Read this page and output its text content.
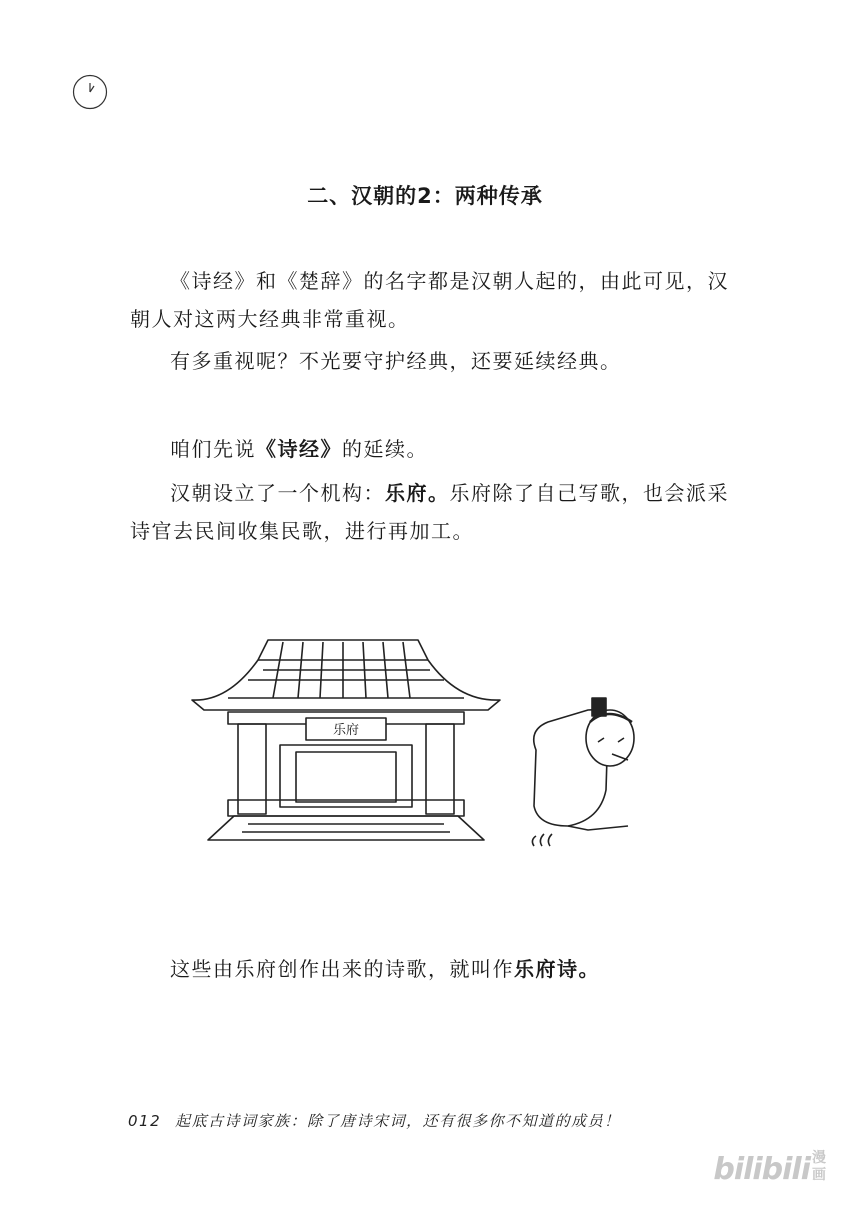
二、汉朝的2：两种传承
《诗经》和《楚辞》的名字都是汉朝人起的，由此可见，汉朝人对这两大经典非常重视。
有多重视呢？不光要守护经典，还要延续经典。
咱们先说《诗经》的延续。
汉朝设立了一个机构：乐府。乐府除了自己写歌，也会派采诗官去民间收集民歌，进行再加工。
乐府
这些由乐府创作出来的诗歌，就叫作乐府诗。
012 起底古诗词家族：除了唐诗宋词，还有很多你不知道的成员！
bilibili 漫画
